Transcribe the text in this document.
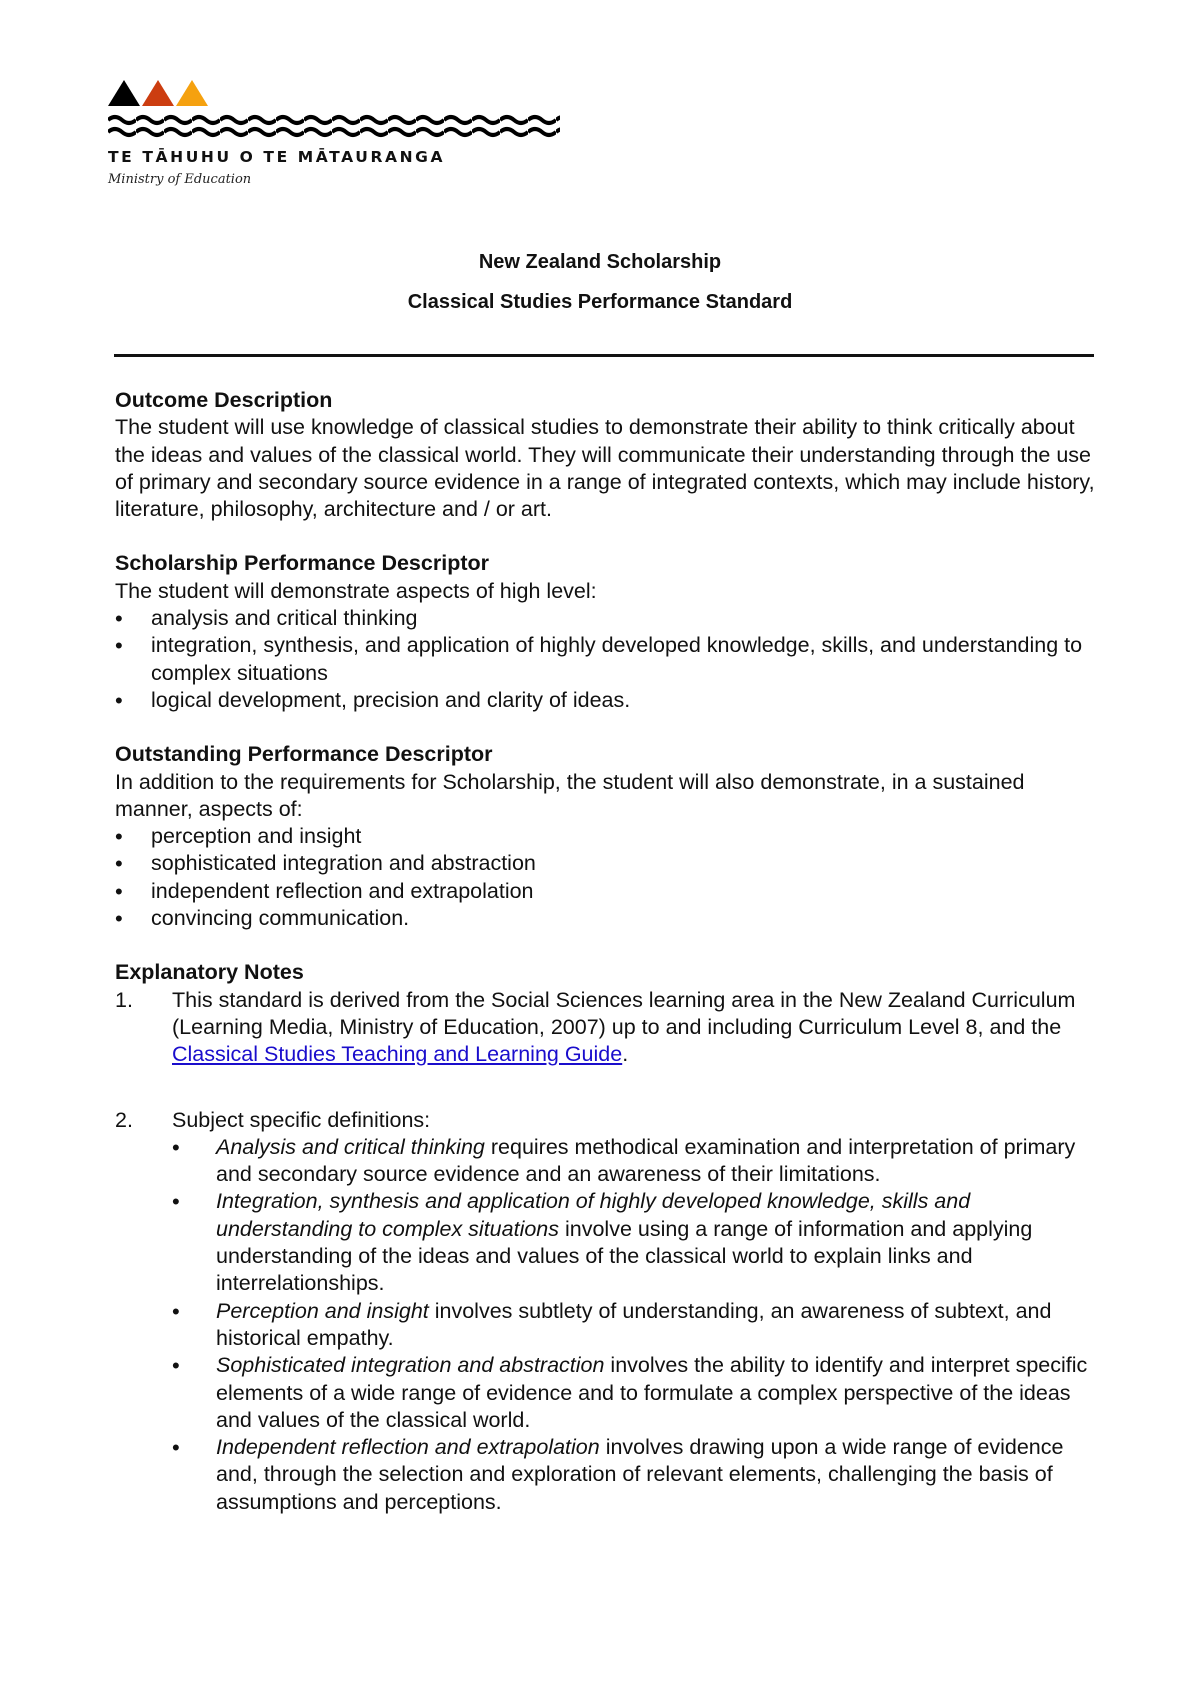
TE TĀHUHU O TE MĀTAURANGA
Ministry of Education
New Zealand Scholarship
Classical Studies Performance Standard
Outcome Description

The student will use knowledge of classical studies to demonstrate their ability to think critically about the ideas and values of the classical world. They will communicate their understanding through the use of primary and secondary source evidence in a range of integrated contexts, which may include history, literature, philosophy, architecture and / or art.

Scholarship Performance Descriptor

The student will demonstrate aspects of high level:

• analysis and critical thinking
• integration, synthesis, and application of highly developed knowledge, skills, and understanding to complex situations
• logical development, precision and clarity of ideas.
Outstanding Performance Descriptor

In addition to the requirements for Scholarship, the student will also demonstrate, in a sustained manner, aspects of:

• perception and insight
• sophisticated integration and abstraction
• independent reflection and extrapolation
• convincing communication.
Explanatory Notes
1. This standard is derived from the Social Sciences learning area in the New Zealand Curriculum (Learning Media, Ministry of Education, 2007) up to and including Curriculum Level 8, and the Classical Studies Teaching and Learning Guide.
2. Subject specific definitions:
• Analysis and critical thinking requires methodical examination and interpretation of primary and secondary source evidence and an awareness of their limitations.
• Integration, synthesis and application of highly developed knowledge, skills and understanding to complex situations involve using a range of information and applying understanding of the ideas and values of the classical world to explain links and interrelationships.
• Perception and insight involves subtlety of understanding, an awareness of subtext, and historical empathy.
• Sophisticated integration and abstraction involves the ability to identify and interpret specific elements of a wide range of evidence and to formulate a complex perspective of the ideas and values of the classical world.
• Independent reflection and extrapolation involves drawing upon a wide range of evidence and, through the selection and exploration of relevant elements, challenging the basis of assumptions and perceptions.
